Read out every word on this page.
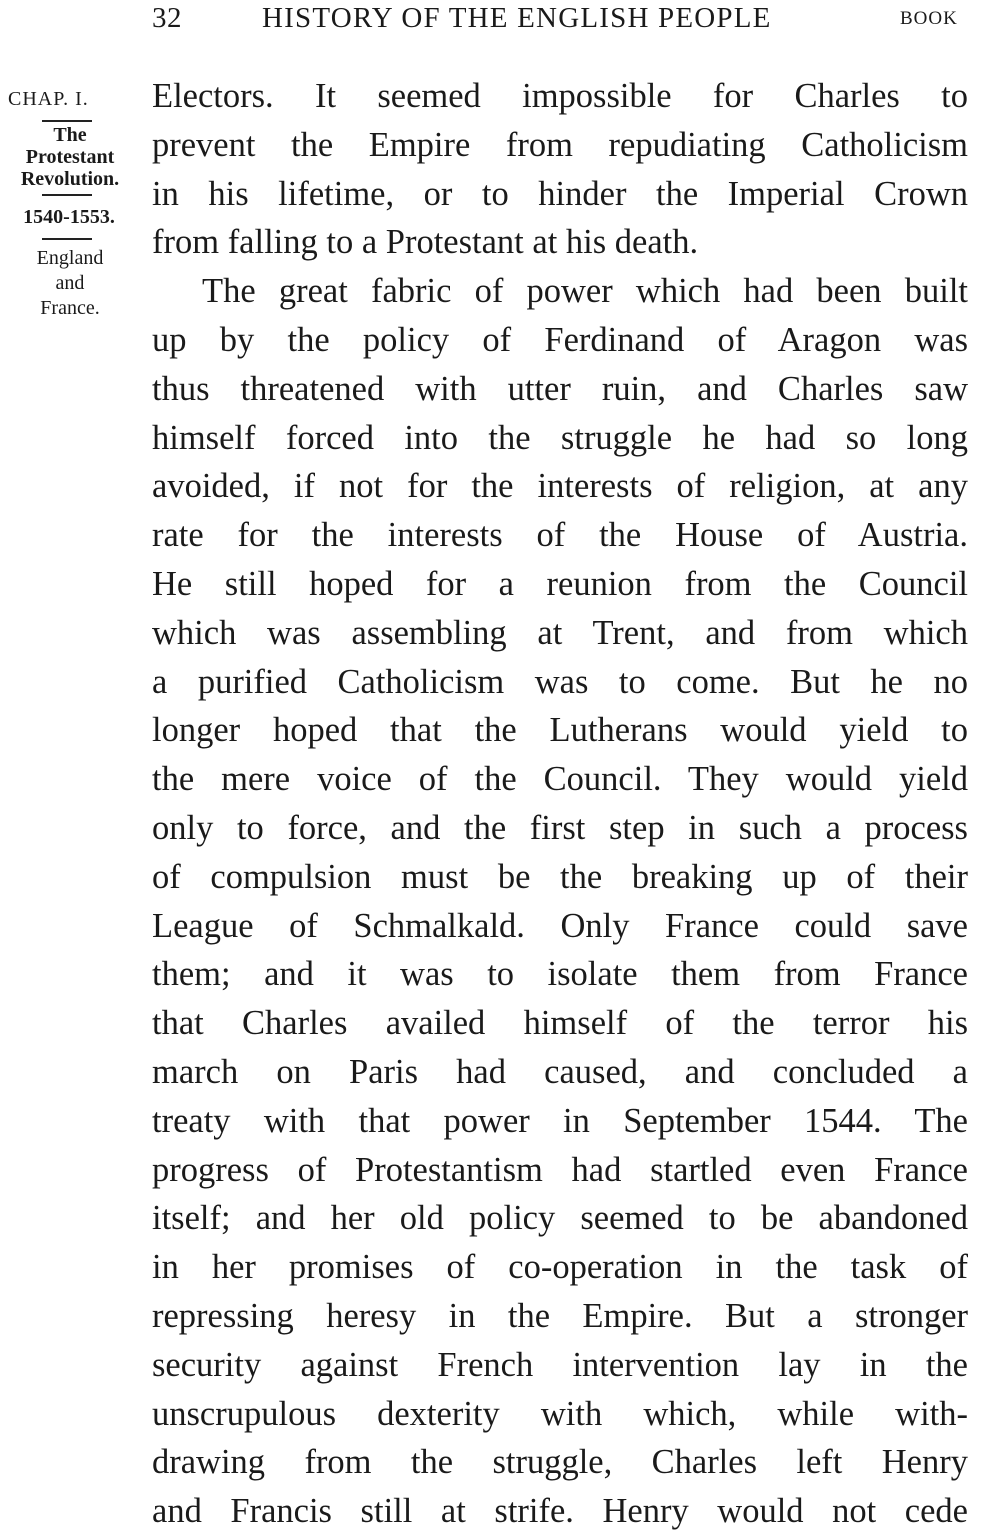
32	HISTORY OF THE ENGLISH PEOPLE	BOOK
CHAP. I.
The
Protestant
Revolution.
1540-1553.
England
and
France.
Electors. It seemed impossible for Charles to
prevent the Empire from repudiating Catholicism
in his lifetime, or to hinder the Imperial Crown
from falling to a Protestant at his death.
The great fabric of power which had been built
up by the policy of Ferdinand of Aragon was
thus threatened with utter ruin, and Charles saw
himself forced into the struggle he had so long
avoided, if not for the interests of religion, at any
rate for the interests of the House of Austria.
He still hoped for a reunion from the Council
which was assembling at Trent, and from which
a purified Catholicism was to come. But he no
longer hoped that the Lutherans would yield to
the mere voice of the Council. They would yield
only to force, and the first step in such a process
of compulsion must be the breaking up of their
League of Schmalkald. Only France could save
them; and it was to isolate them from France
that Charles availed himself of the terror his
march on Paris had caused, and concluded a
treaty with that power in September 1544. The
progress of Protestantism had startled even France
itself; and her old policy seemed to be abandoned
in her promises of co-operation in the task of
repressing heresy in the Empire. But a stronger
security against French intervention lay in the
unscrupulous dexterity with which, while with-
drawing from the struggle, Charles left Henry
and Francis still at strife. Henry would not cede
